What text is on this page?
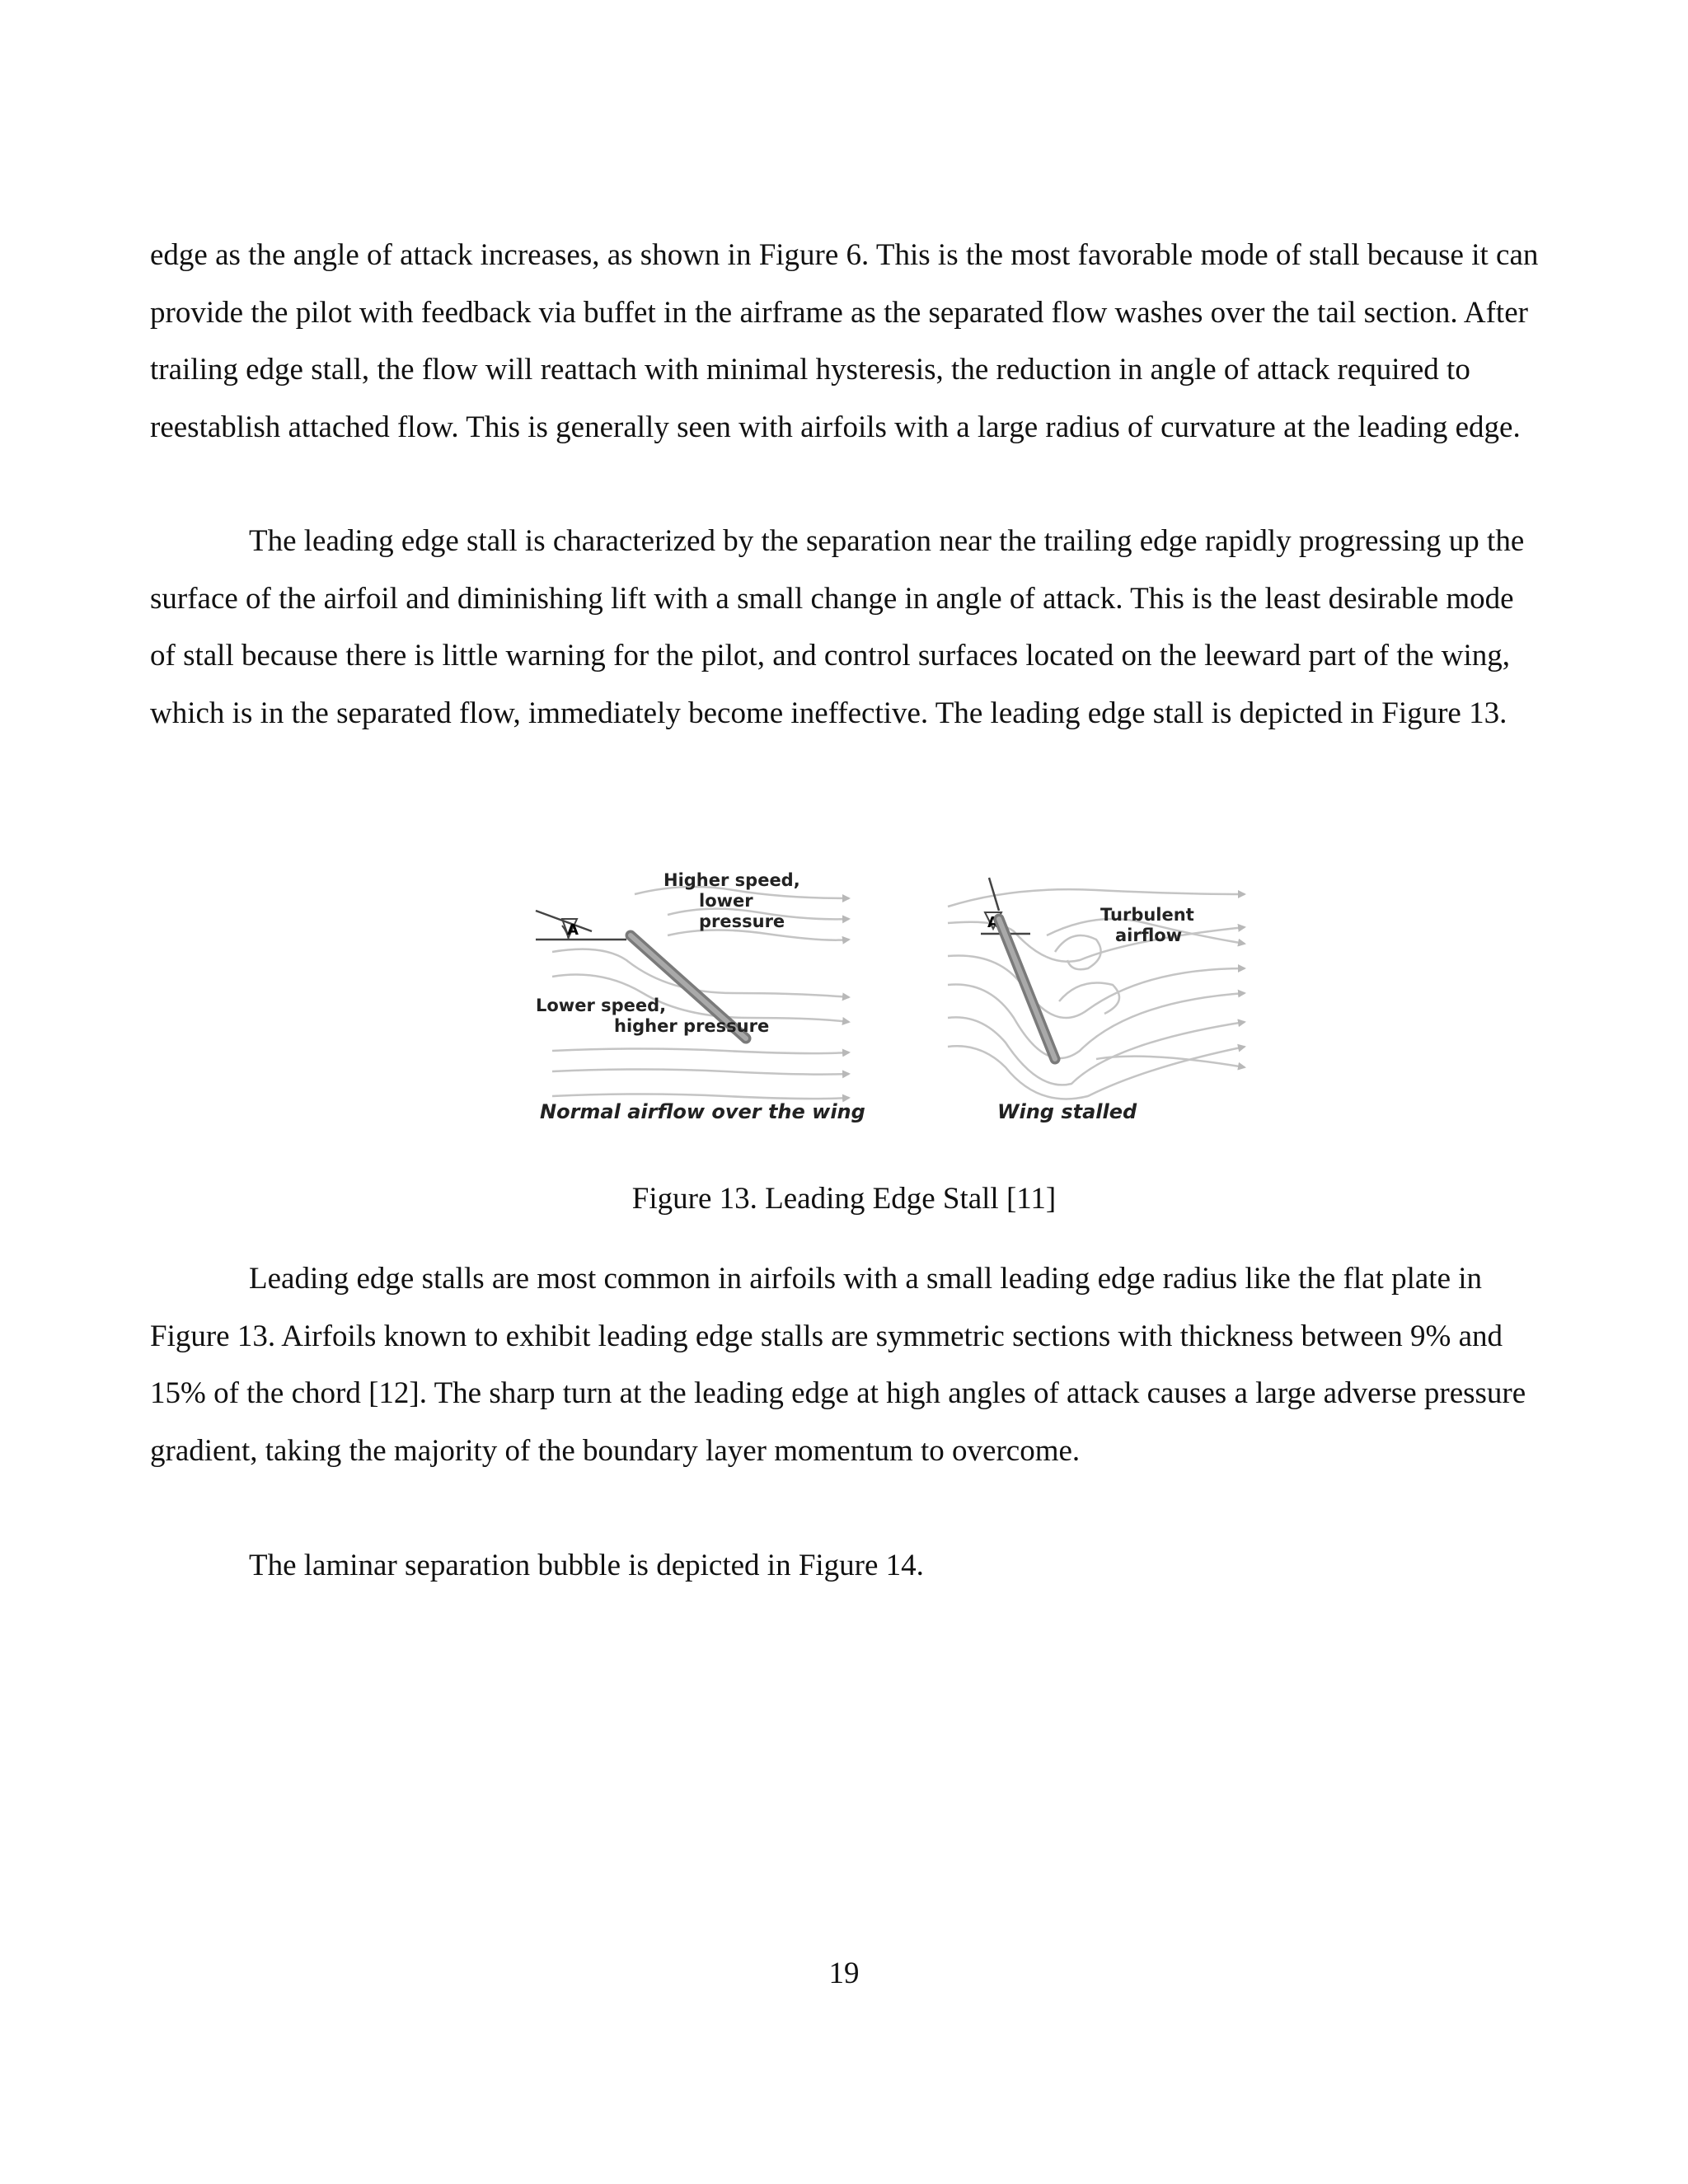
edge as the angle of attack increases, as shown in Figure 6. This is the most favorable mode of stall because it can provide the pilot with feedback via buffet in the airframe as the separated flow washes over the tail section. After trailing edge stall, the flow will reattach with minimal hysteresis, the reduction in angle of attack required to reestablish attached flow. This is generally seen with airfoils with a large radius of curvature at the leading edge.

The leading edge stall is characterized by the separation near the trailing edge rapidly progressing up the surface of the airfoil and diminishing lift with a small change in angle of attack. This is the least desirable mode of stall because there is little warning for the pilot, and control surfaces located on the leeward part of the wing, which is in the separated flow, immediately become ineffective. The leading edge stall is depicted in Figure 13.

A
Higher speed,
lower
pressure
Lower speed,
higher pressure
Normal airflow over the wing
A	Turbulent
airflow
Wing stalled

Figure 13. Leading Edge Stall [11]

Leading edge stalls are most common in airfoils with a small leading edge radius like the flat plate in Figure 13. Airfoils known to exhibit leading edge stalls are symmetric sections with thickness between 9% and 15% of the chord [12]. The sharp turn at the leading edge at high angles of attack causes a large adverse pressure gradient, taking the majority of the boundary layer momentum to overcome.

The laminar separation bubble is depicted in Figure 14.

19
